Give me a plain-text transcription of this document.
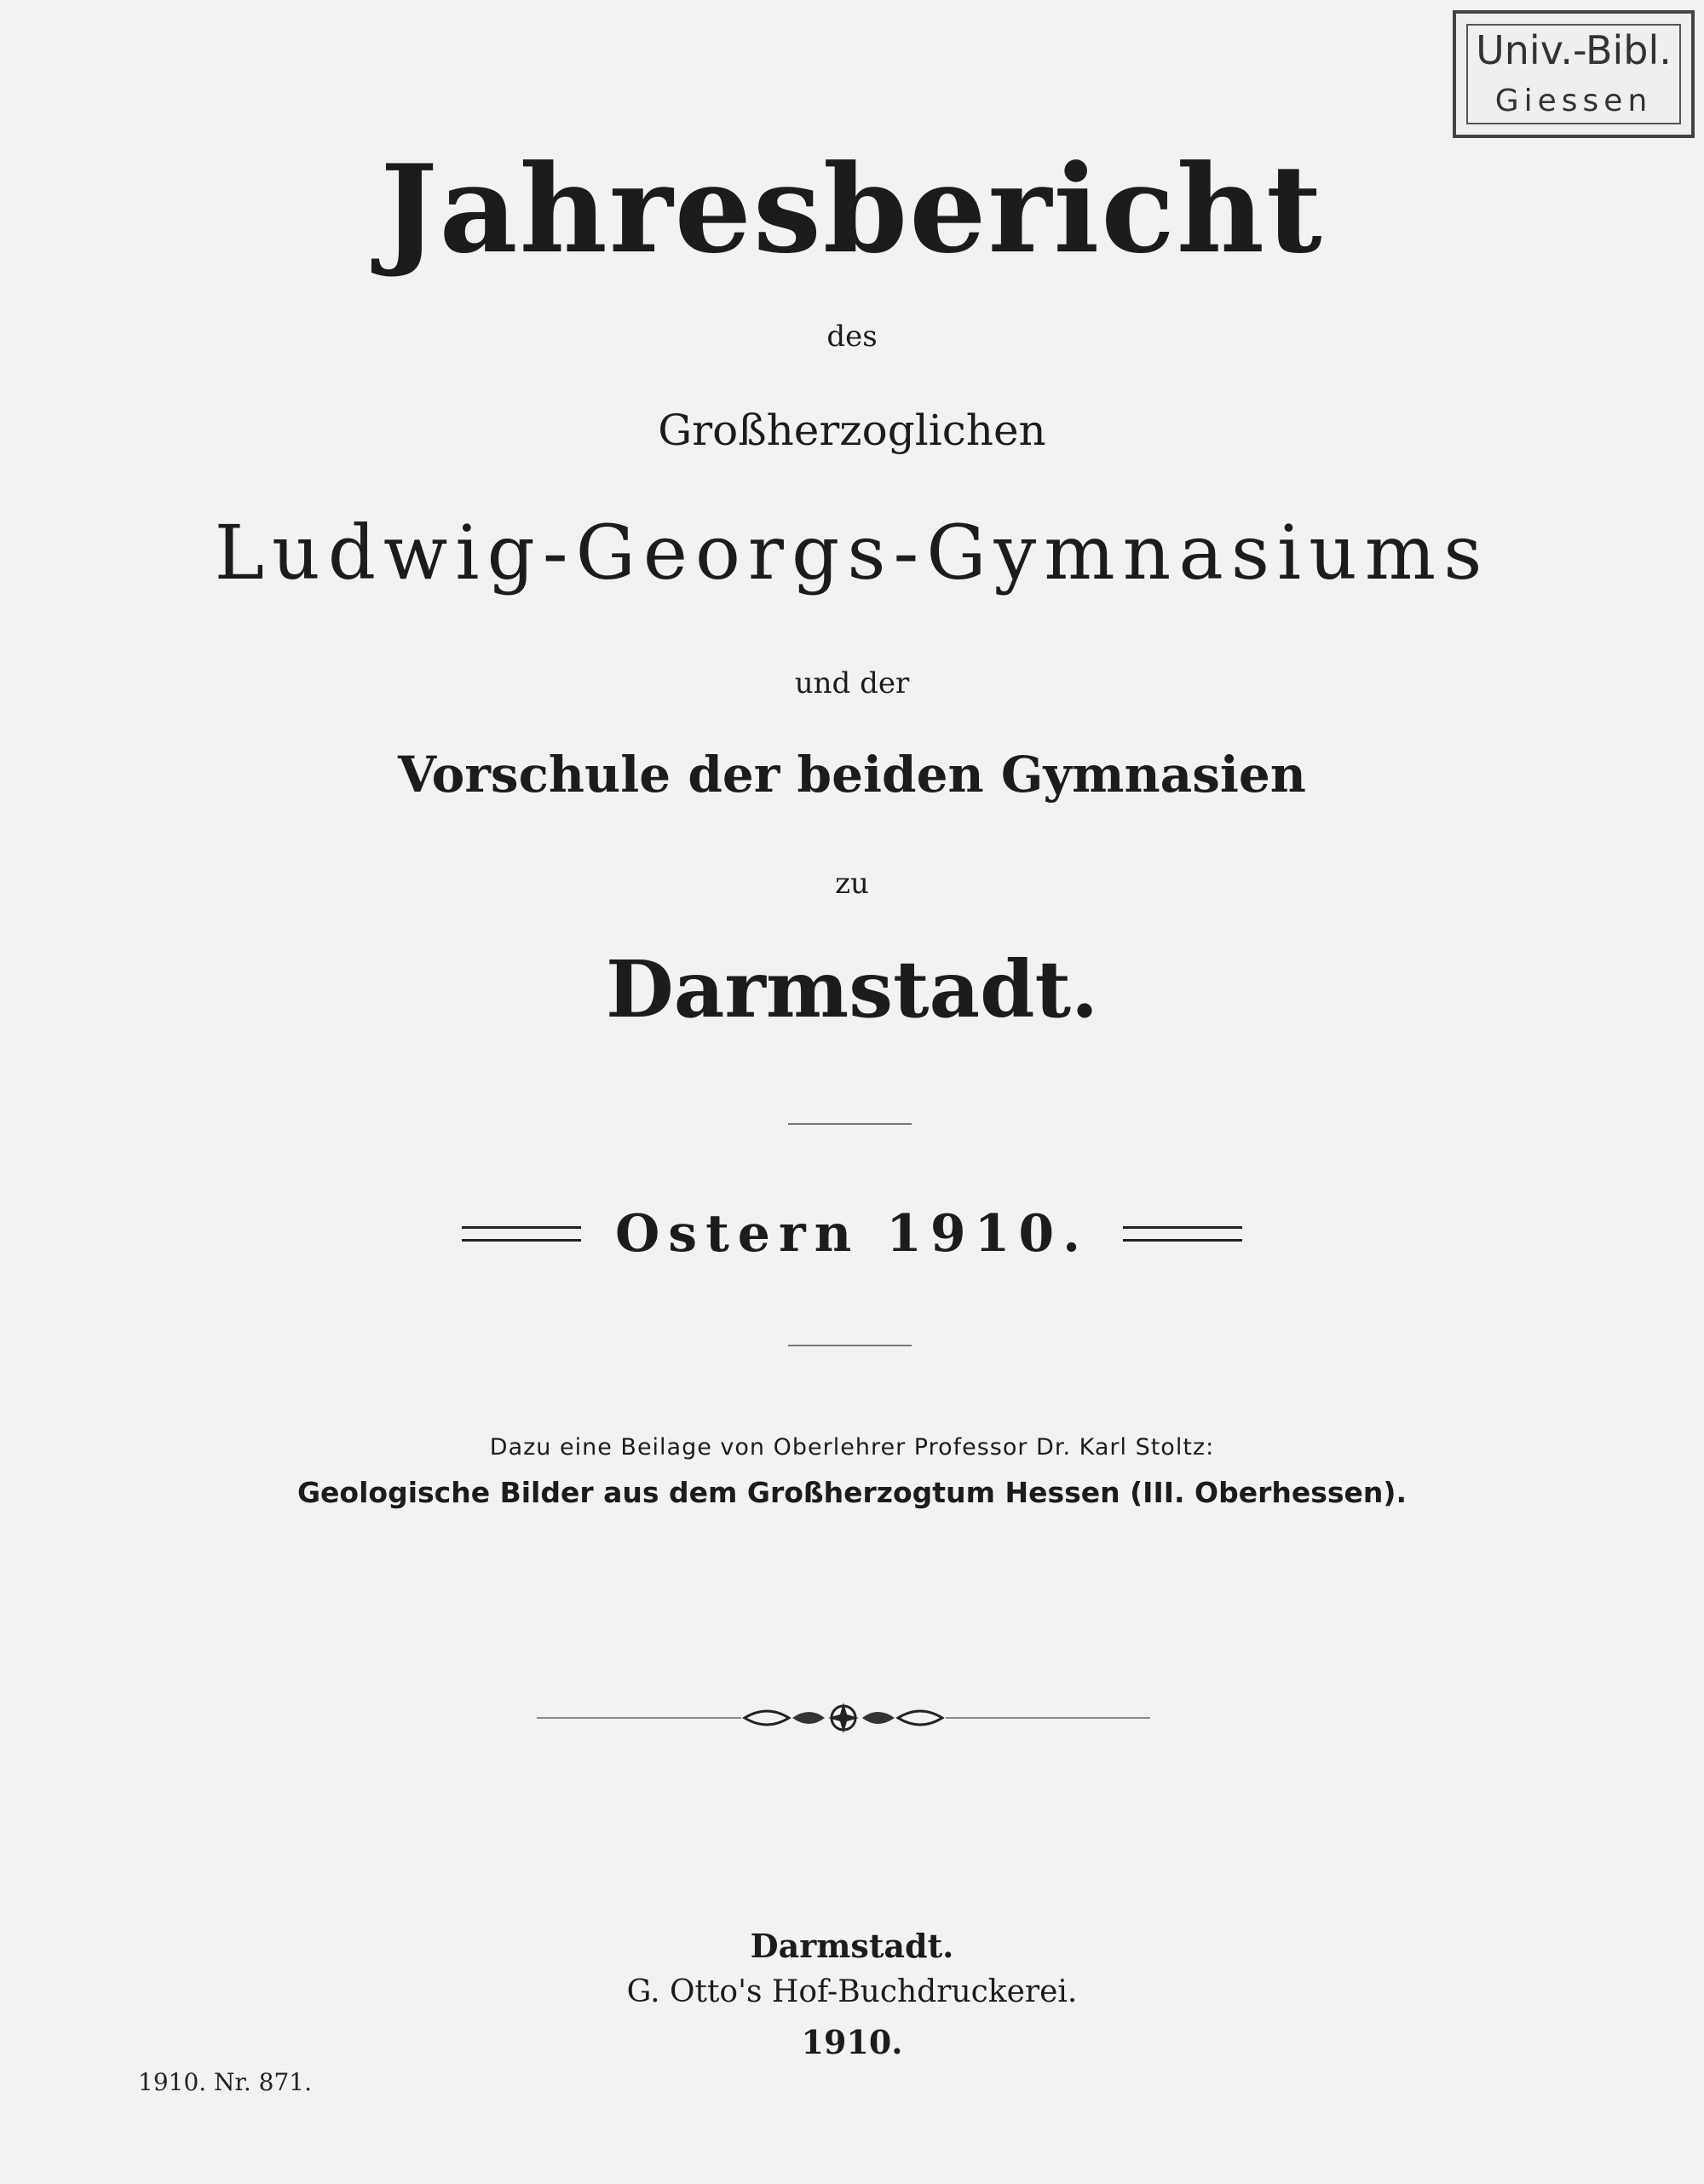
Univ.-Bibl.
Giessen
Jahresbericht
des
Großherzoglichen
Ludwig-Georgs-Gymnasiums
und der
Vorschule der beiden Gymnasien
zu
Darmstadt.
Ostern 1910.
Dazu eine Beilage von Oberlehrer Professor Dr. Karl Stoltz:
Geologische Bilder aus dem Großherzogtum Hessen (III. Oberhessen).
Darmstadt.
G. Otto's Hof-Buchdruckerei.
1910.
1910. Nr. 871.
